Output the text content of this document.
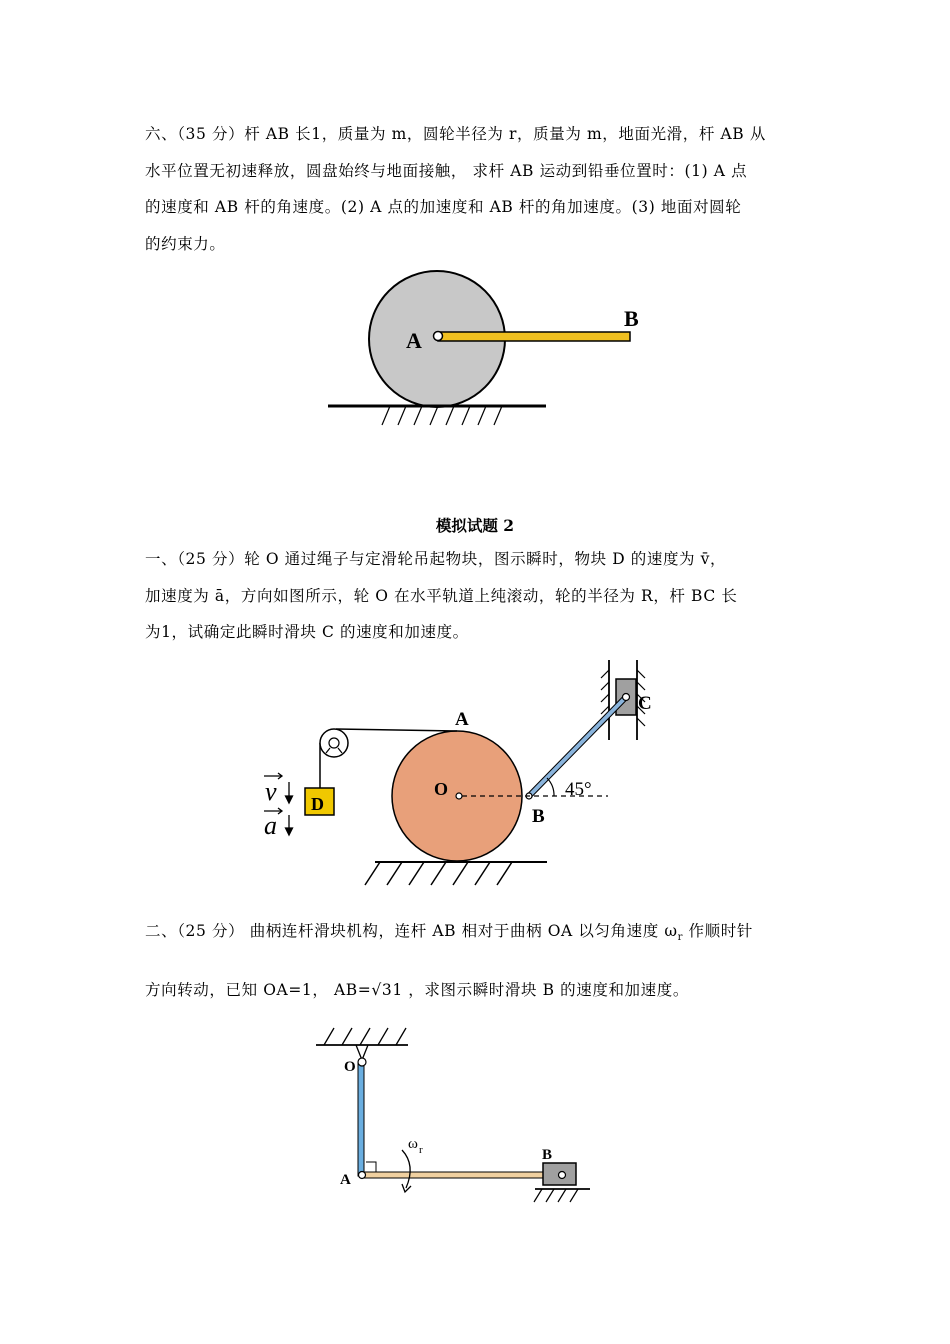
六、（35 分）杆 AB 长1，质量为 m，圆轮半径为 r，质量为 m，地面光滑，杆 AB 从
水平位置无初速释放，圆盘始终与地面接触， 求杆 AB 运动到铅垂位置时：(1) A 点
的速度和 AB 杆的角速度。(2) A 点的加速度和 AB 杆的角加速度。(3) 地面对圆轮
的约束力。
A
B
模拟试题 2
一、（25 分）轮 O 通过绳子与定滑轮吊起物块，图示瞬时，物块 D 的速度为 v̄，
加速度为 ā，方向如图所示，轮 O 在水平轨道上纯滚动，轮的半径为 R，杆 BC 长
为1，试确定此瞬时滑块 C 的速度和加速度。
D
A
O
B
C
45°
v
a
二、（25 分） 曲柄连杆滑块机构，连杆 AB 相对于曲柄 OA 以匀角速度 $\omega_r$ 作顺时针
方向转动，已知 OA=1， AB=√31 ，求图示瞬时滑块 B 的速度和加速度。
O
A
B
ω r
